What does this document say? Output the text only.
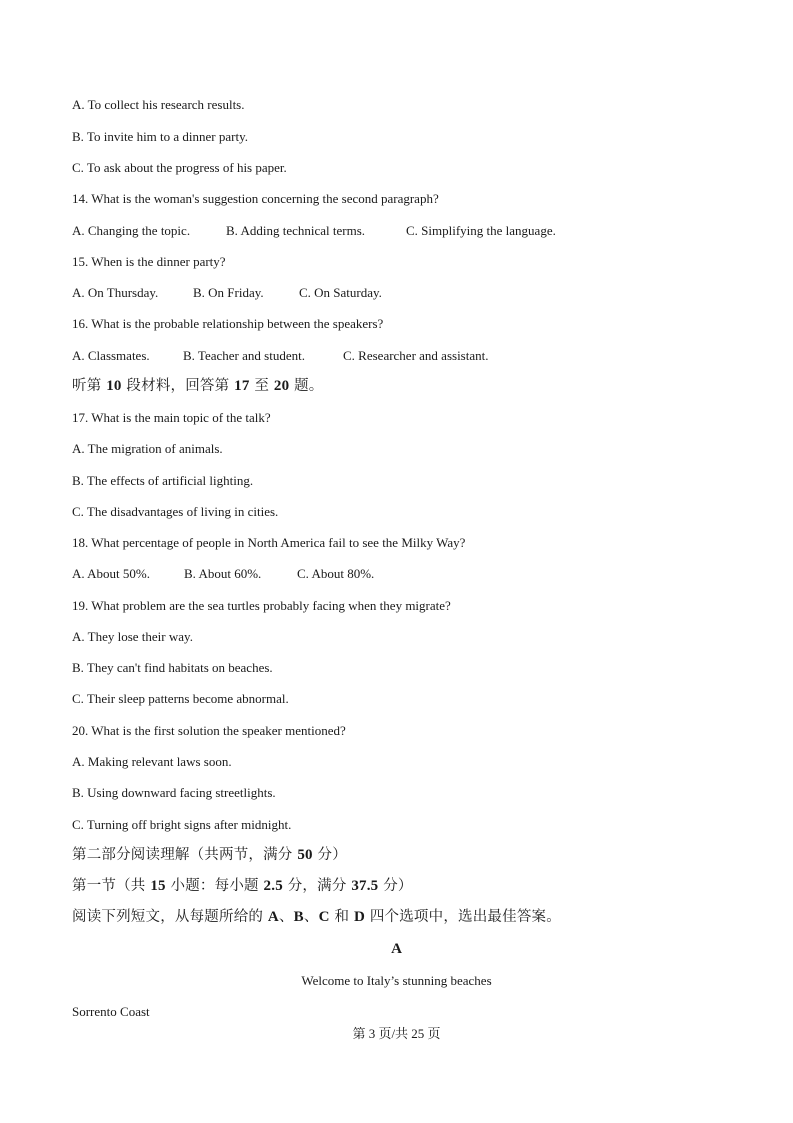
A. To collect his research results.
B. To invite him to a dinner party.
C. To ask about the progress of his paper.
14. What is the woman's suggestion concerning the second paragraph?
A. Changing the topic.	B. Adding technical terms.	C. Simplifying the language.
15. When is the dinner party?
A. On Thursday.	B. On Friday.	C. On Saturday.
16. What is the probable relationship between the speakers?
A. Classmates.	B. Teacher and student.	C. Researcher and assistant.
听第 10 段材料，回答第 17 至 20 题。
17. What is the main topic of the talk?
A. The migration of animals.
B. The effects of artificial lighting.
C. The disadvantages of living in cities.
18. What percentage of people in North America fail to see the Milky Way?
A. About 50%.	B. About 60%.	C. About 80%.
19. What problem are the sea turtles probably facing when they migrate?
A. They lose their way.
B. They can't find habitats on beaches.
C. Their sleep patterns become abnormal.
20. What is the first solution the speaker mentioned?
A. Making relevant laws soon.
B. Using downward facing streetlights.
C. Turning off bright signs after midnight.
第二部分阅读理解（共两节，满分 50 分）
第一节（共 15 小题：每小题 2.5 分，满分 37.5 分）
阅读下列短文，从每题所给的 A、B、C 和 D 四个选项中，选出最佳答案。
A
Welcome to Italy’s stunning beaches
Sorrento Coast
第 3 页/共 25 页
